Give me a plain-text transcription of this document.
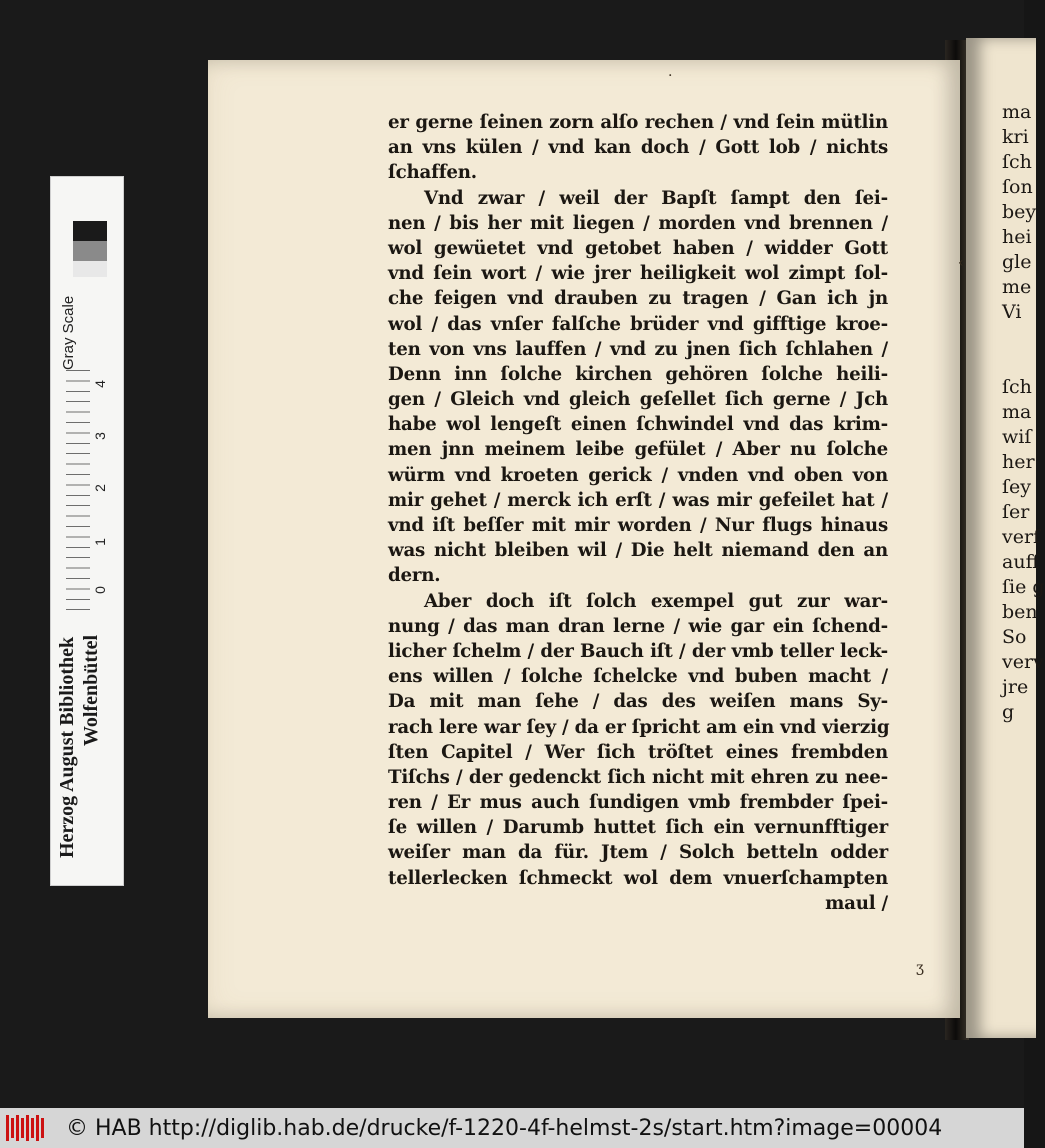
ma
kri
ſch
ſon
bey
hei
gle
me
Vi

ſch
ma
wiſ
her
ſey
ſer
verſ
auff
ſie g
ben
So
verv
jre
g
er gerne ſeinen zorn alſo rechen / vnd ſein mütlin
an vns külen / vnd kan doch / Gott lob / nichts
ſchaffen.
Vnd zwar / weil der Bapſt ſampt den ſei-
nen / bis her mit liegen / morden vnd brennen /
wol gewüetet vnd getobet haben / widder Gott
vnd ſein wort / wie jrer heiligkeit wol zimpt ſol-
che feigen vnd drauben zu tragen / Gan ich jn
wol / das vnſer falſche brüder vnd gifftige kroe-
ten von vns lauffen / vnd zu jnen ſich ſchlahen /
Denn inn ſolche kirchen gehören ſolche heili-
gen / Gleich vnd gleich geſellet ſich gerne / Jch
habe wol lengeſt einen ſchwindel vnd das krim-
men jnn meinem leibe gefület / Aber nu ſolche
würm vnd kroeten gerick / vnden vnd oben von
mir gehet / merck ich erſt / was mir gefeilet hat /
vnd iſt beſſer mit mir worden / Nur flugs hinaus
was nicht bleiben wil / Die helt niemand den an
dern.
Aber doch iſt ſolch exempel gut zur war-
nung / das man dran lerne / wie gar ein ſchend-
licher ſchelm / der Bauch iſt / der vmb teller leck-
ens willen / ſolche ſchelcke vnd buben macht /
Da mit man ſehe / das des weiſen mans Sy-
rach lere war ſey / da er ſpricht am ein vnd vierzig
ſten Capitel / Wer ſich tröſtet eines frembden
Tiſchs / der gedenckt ſich nicht mit ehren zu nee-
ren / Er mus auch ſundigen vmb frembder ſpei-
ſe willen / Darumb huttet ſich ein vernunfftiger
weiſer man da für. Jtem / Solch betteln odder
tellerlecken ſchmeckt wol dem vnuerſchampten
maul /
.
‹
ʒ
Gray Scale
0
1
2
3
4
Herzog August Bibliothek Wolfenbüttel
© HAB http://diglib.hab.de/drucke/f-1220-4f-helmst-2s/start.htm?image=00004
